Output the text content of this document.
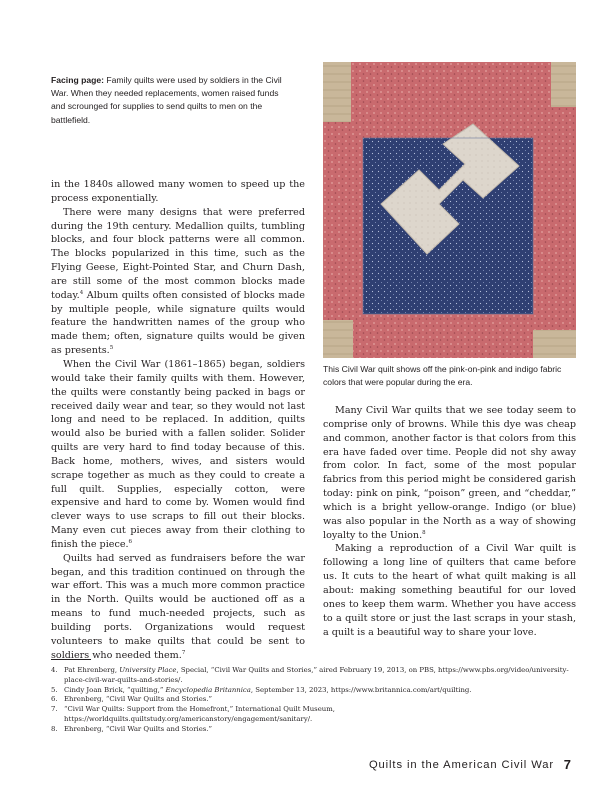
Facing page: Family quilts were used by soldiers in the Civil War. When they needed replacements, women raised funds and scrounged for supplies to send quilts to men on the battlefield.

in the 1840s allowed many women to speed up the process exponentially.

There were many designs that were preferred during the 19th century. Medallion quilts, tumbling blocks, and four block patterns were all common. The blocks popularized in this time, such as the Flying Geese, Eight-Pointed Star, and Churn Dash, are still some of the most common blocks made today.$^4$ Album quilts often consisted of blocks made by multiple people, while signature quilts would feature the handwritten names of the group who made them; often, signature quilts would be given as presents.$^5$

When the Civil War (1861–1865) began, soldiers would take their family quilts with them. However, the quilts were constantly being packed in bags or received daily wear and tear, so they would not last long and need to be replaced. In addition, quilts would also be buried with a fallen solider. Solider quilts are very hard to find today because of this. Back home, mothers, wives, and sisters would scrape together as much as they could to create a full quilt. Supplies, especially cotton, were expensive and hard to come by. Women would find clever ways to use scraps to fill out their blocks. Many even cut pieces away from their clothing to finish the piece.$^6$

Quilts had served as fundraisers before the war began, and this tradition continued on through the war effort. This was a much more common practice in the North. Quilts would be auctioned off as a means to fund much-needed projects, such as building ports. Organizations would request volunteers to make quilts that could be sent to soldiers who needed them.$^7$

This Civil War quilt shows off the pink-on-pink and indigo fabric colors that were popular during the era.

Many Civil War quilts that we see today seem to comprise only of browns. While this dye was cheap and common, another factor is that colors from this era have faded over time. People did not shy away from color. In fact, some of the most popular fabrics from this period might be considered garish today: pink on pink, “poison” green, and “cheddar,” which is a bright yellow-orange. Indigo (or blue) was also popular in the North as a way of showing loyalty to the Union.$^8$

Making a reproduction of a Civil War quilt is following a long line of quilters that came before us. It cuts to the heart of what quilt making is all about: making something beautiful for our loved ones to keep them warm. Whether you have access to a quilt store or just the last scraps in your stash, a quilt is a beautiful way to share your love.

4. Pat Ehrenberg, University Place, Special, “Civil War Quilts and Stories,” aired February 19, 2013, on PBS, https://www.pbs.org/video/university-place-civil-war-quilts-and-stories/.
5. Cindy Joan Brick, “quilting,” Encyclopedia Britannica, September 13, 2023, https://www.britannica.com/art/quilting.
6. Ehrenberg, “Civil War Quilts and Stories.”
7. “Civil War Quilts: Support from the Homefront,” International Quilt Museum, https://worldquilts.quiltstudy.org/americanstory/engagement/sanitary/.
8. Ehrenberg, “Civil War Quilts and Stories.”
Quilts in the American Civil War 7
